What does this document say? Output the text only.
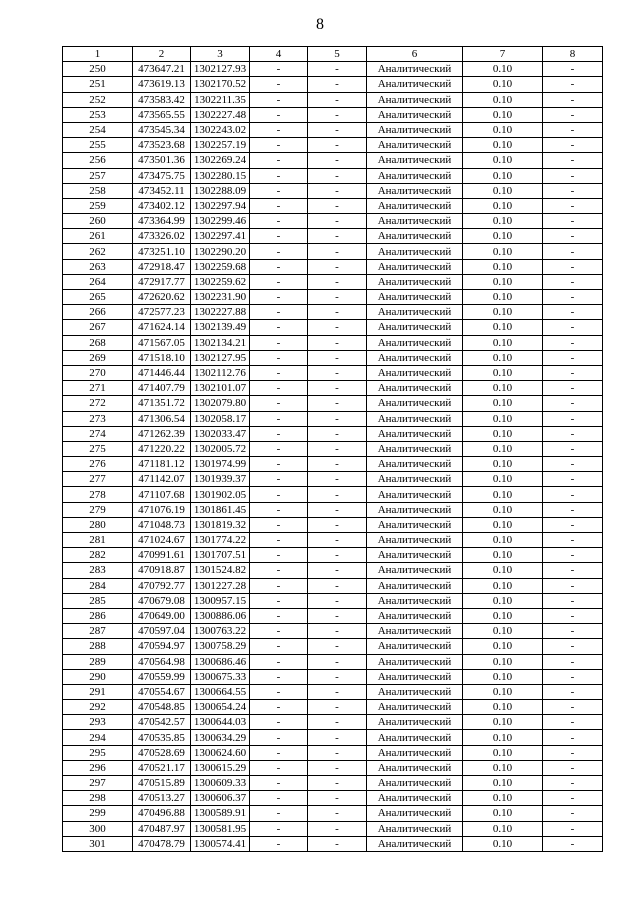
8
1	2	3	4	5	6	7	8
250	473647.21	1302127.93	-	-	Аналитический	0.10	-
251	473619.13	1302170.52	-	-	Аналитический	0.10	-
252	473583.42	1302211.35	-	-	Аналитический	0.10	-
253	473565.55	1302227.48	-	-	Аналитический	0.10	-
254	473545.34	1302243.02	-	-	Аналитический	0.10	-
255	473523.68	1302257.19	-	-	Аналитический	0.10	-
256	473501.36	1302269.24	-	-	Аналитический	0.10	-
257	473475.75	1302280.15	-	-	Аналитический	0.10	-
258	473452.11	1302288.09	-	-	Аналитический	0.10	-
259	473402.12	1302297.94	-	-	Аналитический	0.10	-
260	473364.99	1302299.46	-	-	Аналитический	0.10	-
261	473326.02	1302297.41	-	-	Аналитический	0.10	-
262	473251.10	1302290.20	-	-	Аналитический	0.10	-
263	472918.47	1302259.68	-	-	Аналитический	0.10	-
264	472917.77	1302259.62	-	-	Аналитический	0.10	-
265	472620.62	1302231.90	-	-	Аналитический	0.10	-
266	472577.23	1302227.88	-	-	Аналитический	0.10	-
267	471624.14	1302139.49	-	-	Аналитический	0.10	-
268	471567.05	1302134.21	-	-	Аналитический	0.10	-
269	471518.10	1302127.95	-	-	Аналитический	0.10	-
270	471446.44	1302112.76	-	-	Аналитический	0.10	-
271	471407.79	1302101.07	-	-	Аналитический	0.10	-
272	471351.72	1302079.80	-	-	Аналитический	0.10	-
273	471306.54	1302058.17	-	-	Аналитический	0.10	-
274	471262.39	1302033.47	-	-	Аналитический	0.10	-
275	471220.22	1302005.72	-	-	Аналитический	0.10	-
276	471181.12	1301974.99	-	-	Аналитический	0.10	-
277	471142.07	1301939.37	-	-	Аналитический	0.10	-
278	471107.68	1301902.05	-	-	Аналитический	0.10	-
279	471076.19	1301861.45	-	-	Аналитический	0.10	-
280	471048.73	1301819.32	-	-	Аналитический	0.10	-
281	471024.67	1301774.22	-	-	Аналитический	0.10	-
282	470991.61	1301707.51	-	-	Аналитический	0.10	-
283	470918.87	1301524.82	-	-	Аналитический	0.10	-
284	470792.77	1301227.28	-	-	Аналитический	0.10	-
285	470679.08	1300957.15	-	-	Аналитический	0.10	-
286	470649.00	1300886.06	-	-	Аналитический	0.10	-
287	470597.04	1300763.22	-	-	Аналитический	0.10	-
288	470594.97	1300758.29	-	-	Аналитический	0.10	-
289	470564.98	1300686.46	-	-	Аналитический	0.10	-
290	470559.99	1300675.33	-	-	Аналитический	0.10	-
291	470554.67	1300664.55	-	-	Аналитический	0.10	-
292	470548.85	1300654.24	-	-	Аналитический	0.10	-
293	470542.57	1300644.03	-	-	Аналитический	0.10	-
294	470535.85	1300634.29	-	-	Аналитический	0.10	-
295	470528.69	1300624.60	-	-	Аналитический	0.10	-
296	470521.17	1300615.29	-	-	Аналитический	0.10	-
297	470515.89	1300609.33	-	-	Аналитический	0.10	-
298	470513.27	1300606.37	-	-	Аналитический	0.10	-
299	470496.88	1300589.91	-	-	Аналитический	0.10	-
300	470487.97	1300581.95	-	-	Аналитический	0.10	-
301	470478.79	1300574.41	-	-	Аналитический	0.10	-
